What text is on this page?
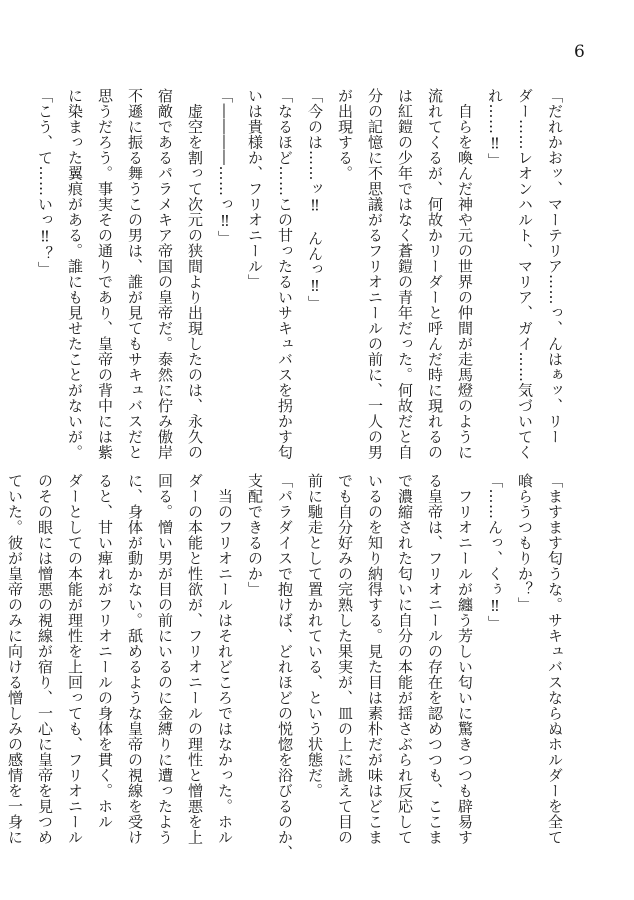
6
「だれかおッ、マーテリア……っ、んはぁッ、リー
ダー……レオンハルト、マリア、ガイ……気づいてく
れ……‼」
　自らを喚んだ神や元の世界の仲間が走馬燈のように
流れてくるが、何故かリーダーと呼んだ時に現れるの
は紅鎧の少年ではなく蒼鎧の青年だった。何故だと自
分の記憶に不思議がるフリオニールの前に、一人の男
が出現する。
「今のは……ッ‼　んんっ‼」
「なるほど……この甘ったるいサキュバスを拐かす匂
いは貴様か、フリオニール」
「――――……っ‼」
　虚空を割って次元の狭間より出現したのは、永久の
宿敵であるパラメキア帝国の皇帝だ。泰然に佇み傲岸
不遜に振る舞うこの男は、誰が見てもサキュバスだと
思うだろう。事実その通りであり、皇帝の背中には紫
に染まった翼痕がある。誰にも見せたことがないが。
「こう、て……いっ‼？」
「ますます匂うな。サキュバスならぬホルダーを全て
喰らうつもりか？」
「……んっ、くぅ‼」
　フリオニールが纏う芳しい匂いに驚きつつも辟易す
る皇帝は、フリオニールの存在を認めつつも、ここま
で濃縮された匂いに自分の本能が揺さぶられ反応して
いるのを知り納得する。見た目は素朴だが味はどこま
でも自分好みの完熟した果実が、皿の上に誂えて目の
前に馳走として置かれている、という状態だ。
「パラダイスで抱けば、どれほどの悦惚を浴びるのか、
支配できるのか」
　当のフリオニールはそれどころではなかった。ホル
ダーの本能と性欲が、フリオニールの理性と憎悪を上
回る。憎い男が目の前にいるのに金縛りに遭ったよう
に、身体が動かない。舐めるような皇帝の視線を受け
ると、甘い痺れがフリオニールの身体を貫く。ホル
ダーとしての本能が理性を上回っても、フリオニール
のその眼には憎悪の視線が宿り、一心に皇帝を見つめ
ていた。彼が皇帝のみに向ける憎しみの感情を一身に
